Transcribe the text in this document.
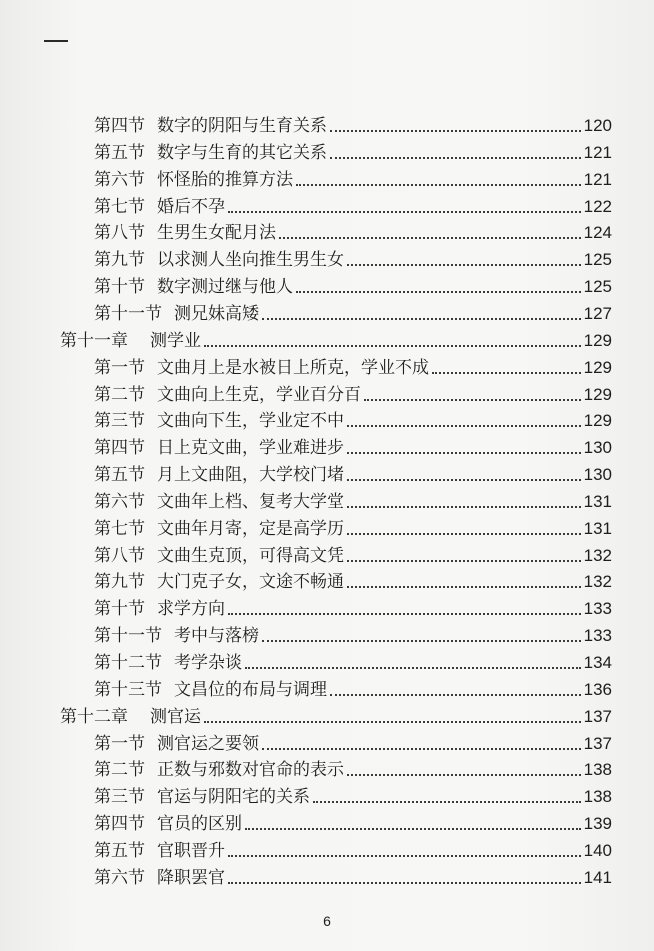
第四节 数字的阴阳与生育关系	120
第五节 数字与生育的其它关系	121
第六节 怀怪胎的推算方法	121
第七节 婚后不孕	122
第八节 生男生女配月法	124
第九节 以求测人坐向推生男生女	125
第十节 数字测过继与他人	125
第十一节 测兄妹高矮	127
第十一章 测学业	129
第一节 文曲月上是水被日上所克，学业不成	129
第二节 文曲向上生克，学业百分百	129
第三节 文曲向下生，学业定不中	129
第四节 日上克文曲，学业难进步	130
第五节 月上文曲阻，大学校门堵	130
第六节 文曲年上档、复考大学堂	131
第七节 文曲年月寄，定是高学历	131
第八节 文曲生克顶，可得高文凭	132
第九节 大门克子女，文途不畅通	132
第十节 求学方向	133
第十一节 考中与落榜	133
第十二节 考学杂谈	134
第十三节 文昌位的布局与调理	136
第十二章 测官运	137
第一节 测官运之要领	137
第二节 正数与邪数对官命的表示	138
第三节 官运与阴阳宅的关系	138
第四节 官员的区别	139
第五节 官职晋升	140
第六节 降职罢官	141
6
